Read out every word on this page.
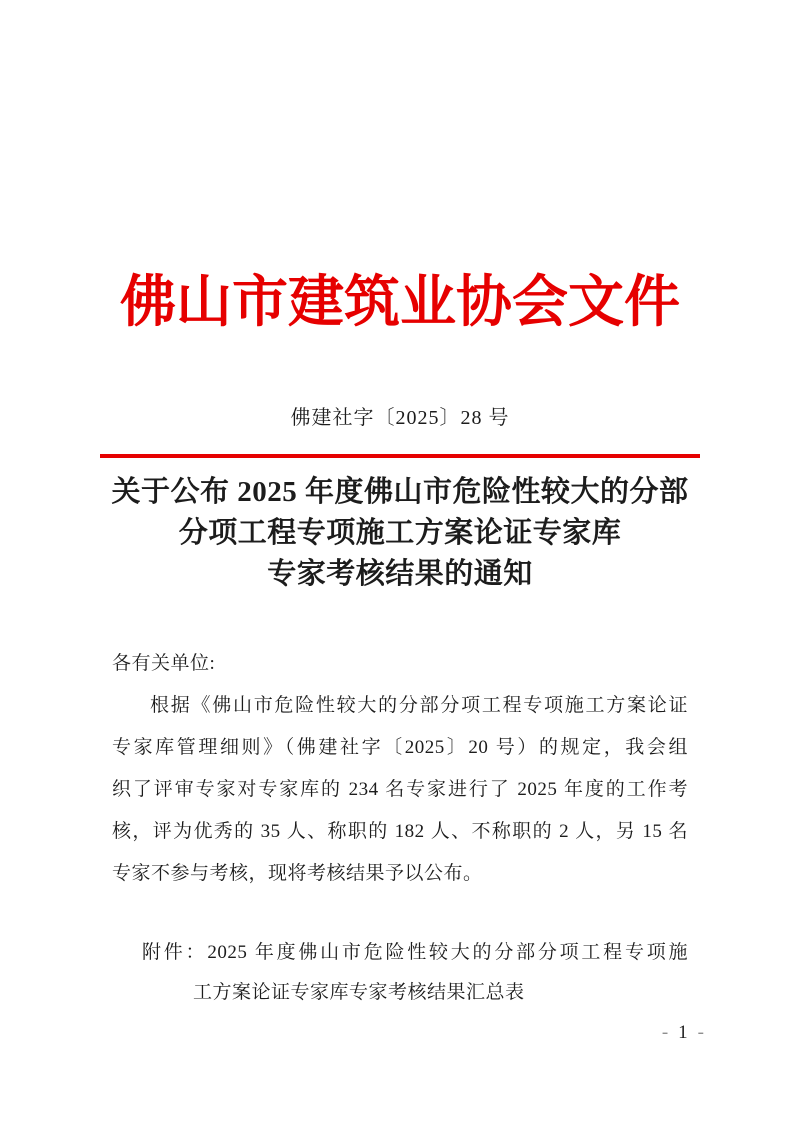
佛山市建筑业协会文件
佛建社字〔2025〕28 号
关于公布 2025 年度佛山市危险性较大的分部
分项工程专项施工方案论证专家库
专家考核结果的通知
各有关单位:
根据《佛山市危险性较大的分部分项工程专项施工方案论证
专家库管理细则》（佛建社字〔2025〕20 号）的规定，我会组
织了评审专家对专家库的 234 名专家进行了 2025 年度的工作考
核，评为优秀的 35 人、称职的 182 人、不称职的 2 人，另 15 名
专家不参与考核，现将考核结果予以公布。
附件：2025 年度佛山市危险性较大的分部分项工程专项施
工方案论证专家库专家考核结果汇总表
- 1 -
